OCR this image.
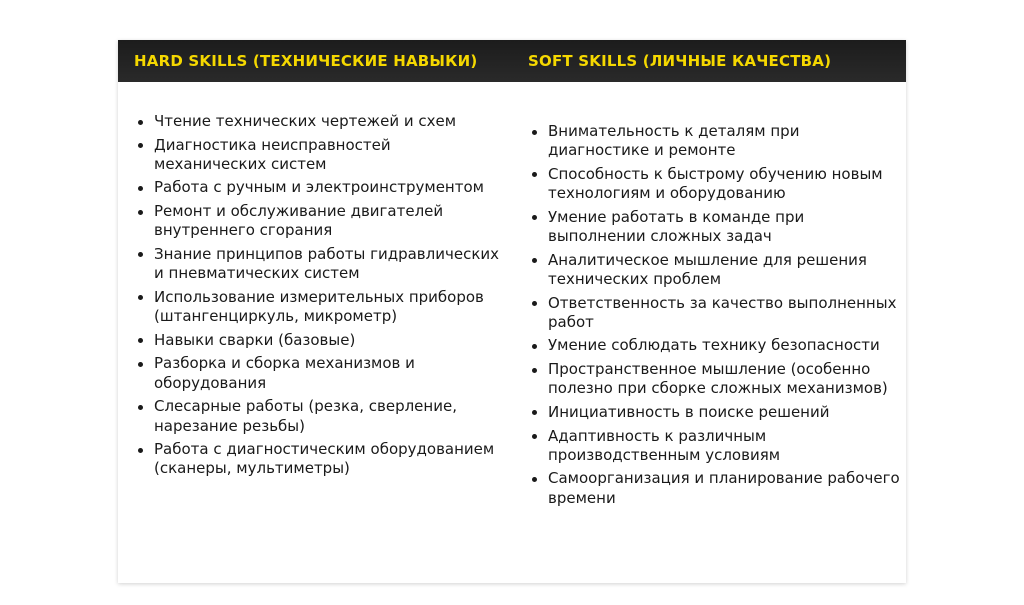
HARD SKILLS (ТЕХНИЧЕСКИЕ НАВЫКИ)	SOFT SKILLS (ЛИЧНЫЕ КАЧЕСТВА)
Чтение технических чертежей и схем
Диагностика неисправностей механических систем
Работа с ручным и электроинструментом
Ремонт и обслуживание двигателей внутреннего сгорания
Знание принципов работы гидравлических и пневматических систем
Использование измерительных приборов (штангенциркуль, микрометр)
Навыки сварки (базовые)
Разборка и сборка механизмов и оборудования
Слесарные работы (резка, сверление, нарезание резьбы)
Работа с диагностическим оборудованием (сканеры, мультиметры)
Внимательность к деталям при диагностике и ремонте
Способность к быстрому обучению новым технологиям и оборудованию
Умение работать в команде при выполнении сложных задач
Аналитическое мышление для решения технических проблем
Ответственность за качество выполненных работ
Умение соблюдать технику безопасности
Пространственное мышление (особенно полезно при сборке сложных механизмов)
Инициативность в поиске решений
Адаптивность к различным производственным условиям
Самоорганизация и планирование рабочего времени
